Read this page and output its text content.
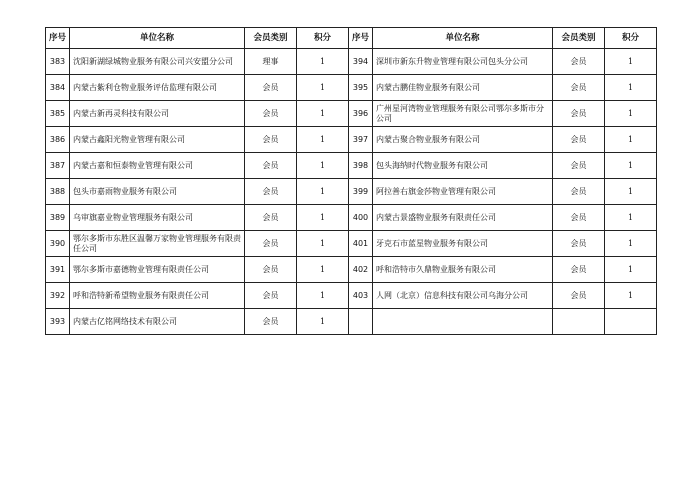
序号	单位名称	会员类别	积分	序号	单位名称	会员类别	积分
383	沈阳新湖绿城物业服务有限公司兴安盟分公司	理事	1	394	深圳市新东升物业管理有限公司包头分公司	会员	1
384	内蒙古紫利仓物业服务评估监理有限公司	会员	1	395	内蒙古鹏佳物业服务有限公司	会员	1
385	内蒙古新再灵科技有限公司	会员	1	396	广州星河湾物业管理服务有限公司鄂尔多斯市分公司	会员	1
386	内蒙古鑫阳光物业管理有限公司	会员	1	397	内蒙古聚合物业服务有限公司	会员	1
387	内蒙古嘉和恒泰物业管理有限公司	会员	1	398	包头海纳时代物业服务有限公司	会员	1
388	包头市嘉雨物业服务有限公司	会员	1	399	阿拉善右旗金莎物业管理有限公司	会员	1
389	乌审旗嘉业物业管理服务有限公司	会员	1	400	内蒙古景盛物业服务有限责任公司	会员	1
390	鄂尔多斯市东胜区温馨万家物业管理服务有限责任公司	会员	1	401	牙克石市蓝星物业服务有限公司	会员	1
391	鄂尔多斯市嘉德物业管理有限责任公司	会员	1	402	呼和浩特市久鼎物业服务有限公司	会员	1
392	呼和浩特新希望物业服务有限责任公司	会员	1	403	人网（北京）信息科技有限公司乌海分公司	会员	1
393	内蒙古亿铭网络技术有限公司	会员	1				
